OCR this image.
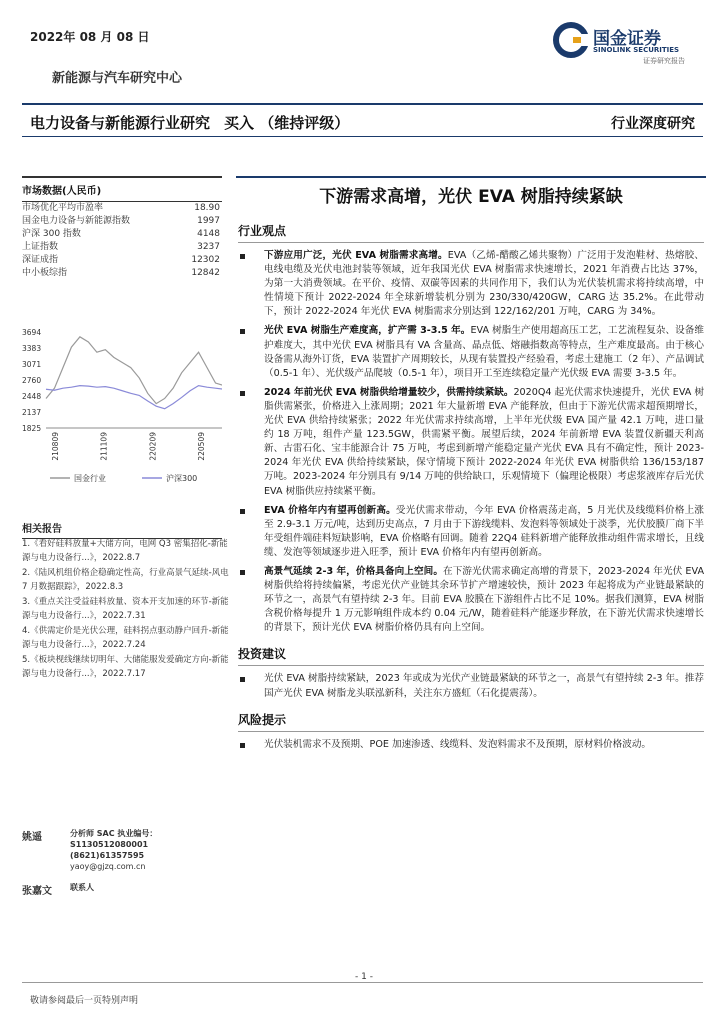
2022年 08 月 08 日
新能源与汽车研究中心
国金证券
SINOLINK SECURITIES
证券研究报告
电力设备与新能源行业研究 买入 （维持评级）	行业深度研究
市场数据(人民币)
市场优化平均市盈率	18.90
国金电力设备与新能源指数	1997
沪深 300 指数	4148
上证指数	3237
深证成指	12302
中小板综指	12842
3694
3383
3071
2760
2448
2137
1825
210809	211109	220209	220509
国金行业	沪深300
相关报告
1.《看好硅料放量+大储方向，电网 Q3 密集招化-新能源与电力设备行...》，2022.8.7
2.《陆风机组价格企稳确定性高，行业高景气延续-风电 7 月数据跟踪》，2022.8.3
3.《重点关注受益硅料放量、资本开支加速的环节-新能源与电力设备行...》，2022.7.31
4.《供需定价是光伏公理，硅料拐点驱动静户回升-新能源与电力设备行...》，2022.7.24
5.《板块枧线继续切明年、大储能服发爱确定方向-新能源与电力设备行...》，2022.7.17
姚遥	分析师 SAC 执业编号：S1130512080001
(8621)61357595
yaoy@gjzq.com.cn
张嘉文	联系人
下游需求高增，光伏 EVA 树脂持续紧缺
行业观点
下游应用广泛，光伏 EVA 树脂需求高增。EVA（乙烯-醋酸乙烯共聚物）广泛用于发泡鞋材、热熔胶、电线电缆及光伏电池封装等领域，近年我国光伏 EVA 树脂需求快速增长，2021 年消费占比达 37%，为第一大消费领域。在平价、疫情、双碳等因素的共同作用下，我们认为光伏装机需求将持续高增，中性情境下预计 2022-2024 年全球新增装机分别为 230/330/420GW，CARG 达 35.2%。在此带动下，预计 2022-2024 年光伏 EVA 树脂需求分别达到 122/162/201 万吨，CARG 为 34%。
光伏 EVA 树脂生产难度高，扩产需 3-3.5 年。EVA 树脂生产使用超高压工艺，工艺流程复杂、设备维护难度大，其中光伏 EVA 树脂具有 VA 含量高、晶点低、熔融指数高等特点，生产难度最高。由于核心设备需从海外订货，EVA 装置扩产周期较长，从现有装置投产经验看，考虑土建施工（2 年）、产品调试（0.5-1 年）、光伏级产品爬坡（0.5-1 年），项目开工至连续稳定量产光伏级 EVA 需要 3-3.5 年。
2024 年前光伏 EVA 树脂供给增量较少，供需持续紧缺。2020Q4 起光伏需求快速提升，光伏 EVA 树脂供需紧张，价格进入上涨周期；2021 年大量新增 EVA 产能释放，但由于下游光伏需求超预期增长，光伏 EVA 供给持续紧张；2022 年光伏需求持续高增，上半年光伏级 EVA 国产量 42.1 万吨，进口量约 18 万吨，组件产量 123.5GW，供需紧平衡。展望后续，2024 年前新增 EVA 装置仅新疆天利高新、古雷石化、宝丰能源合计 75 万吨，考虑到新增产能稳定量产光伏 EVA 具有不确定性，预计 2023-2024 年光伏 EVA 供给持续紧缺，保守情境下预计 2022-2024 年光伏 EVA 树脂供给 136/153/187 万吨。2023-2024 年分别具有 9/14 万吨的供给缺口，乐观情境下（偏理论极限）考虑浆液库存后光伏 EVA 树脂供应持续紧平衡。
EVA 价格年内有望再创新高。受光伏需求带动，今年 EVA 价格震荡走高，5 月光伏及线缆料价格上涨至 2.9-3.1 万元/吨，达到历史高点，7 月由于下游线缆料、发泡料等领域处于淡季，光伏胶膜厂商下半年受组件端硅料短缺影响，EVA 价格略有回调。随着 22Q4 硅料新增产能释放推动组件需求增长，且线缆、发泡等领域逐步进入旺季，预计 EVA 价格年内有望再创新高。
高景气延续 2-3 年，价格具备向上空间。在下游光伏需求确定高增的背景下，2023-2024 年光伏 EVA 树脂供给将持续偏紧，考虑光伏产业链其余环节扩产增速较快，预计 2023 年起将成为产业链最紧缺的环节之一，高景气有望持续 2-3 年。目前 EVA 胶膜在下游组件占比不足 10%。据我们测算，EVA 树脂含税价格每提升 1 万元影响组件成本约 0.04 元/W，随着硅料产能逐步释放，在下游光伏需求快速增长的背景下，预计光伏 EVA 树脂价格仍具有向上空间。
投资建议
光伏 EVA 树脂持续紧缺，2023 年或成为光伏产业链最紧缺的环节之一，高景气有望持续 2-3 年。推荐国产光伏 EVA 树脂龙头联泓新科，关注东方盛虹（石化提震荡）。
风险提示
光伏装机需求不及预期、POE 加速渗透、线缆料、发泡料需求不及预期，原材料价格波动。
- 1 -
敬请参阅最后一页特别声明
